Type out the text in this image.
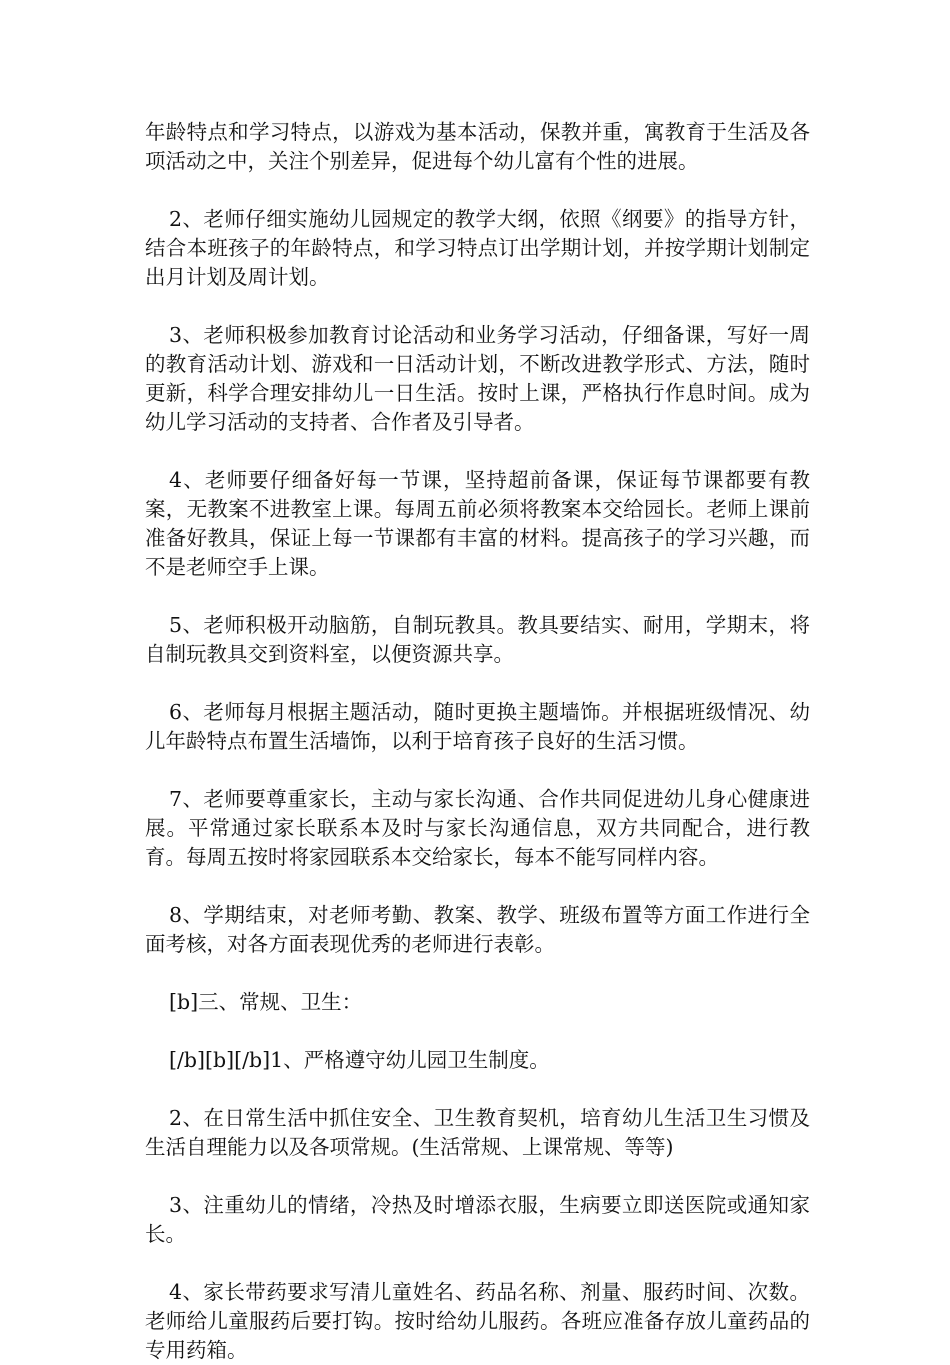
年龄特点和学习特点，以游戏为基本活动，保教并重，寓教育于生活及各项活动之中，关注个别差异，促进每个幼儿富有个性的进展。

2、老师仔细实施幼儿园规定的教学大纲，依照《纲要》的指导方针，结合本班孩子的年龄特点，和学习特点订出学期计划，并按学期计划制定出月计划及周计划。

3、老师积极参加教育讨论活动和业务学习活动，仔细备课，写好一周的教育活动计划、游戏和一日活动计划，不断改进教学形式、方法，随时更新，科学合理安排幼儿一日生活。按时上课，严格执行作息时间。成为幼儿学习活动的支持者、合作者及引导者。

4、老师要仔细备好每一节课，坚持超前备课，保证每节课都要有教案，无教案不进教室上课。每周五前必须将教案本交给园长。老师上课前准备好教具，保证上每一节课都有丰富的材料。提高孩子的学习兴趣，而不是老师空手上课。

5、老师积极开动脑筋，自制玩教具。教具要结实、耐用，学期末，将自制玩教具交到资料室，以便资源共享。

6、老师每月根据主题活动，随时更换主题墙饰。并根据班级情况、幼儿年龄特点布置生活墙饰，以利于培育孩子良好的生活习惯。

7、老师要尊重家长，主动与家长沟通、合作共同促进幼儿身心健康进展。平常通过家长联系本及时与家长沟通信息，双方共同配合，进行教育。每周五按时将家园联系本交给家长，每本不能写同样内容。

8、学期结束，对老师考勤、教案、教学、班级布置等方面工作进行全面考核，对各方面表现优秀的老师进行表彰。

[b]三、常规、卫生：

[/b][b][/b]1、严格遵守幼儿园卫生制度。

2、在日常生活中抓住安全、卫生教育契机，培育幼儿生活卫生习惯及生活自理能力以及各项常规。(生活常规、上课常规、等等)

3、注重幼儿的情绪，冷热及时增添衣服，生病要立即送医院或通知家长。

4、家长带药要求写清儿童姓名、药品名称、剂量、服药时间、次数。老师给儿童服药后要打钩。按时给幼儿服药。各班应准备存放儿童药品的专用药箱。
